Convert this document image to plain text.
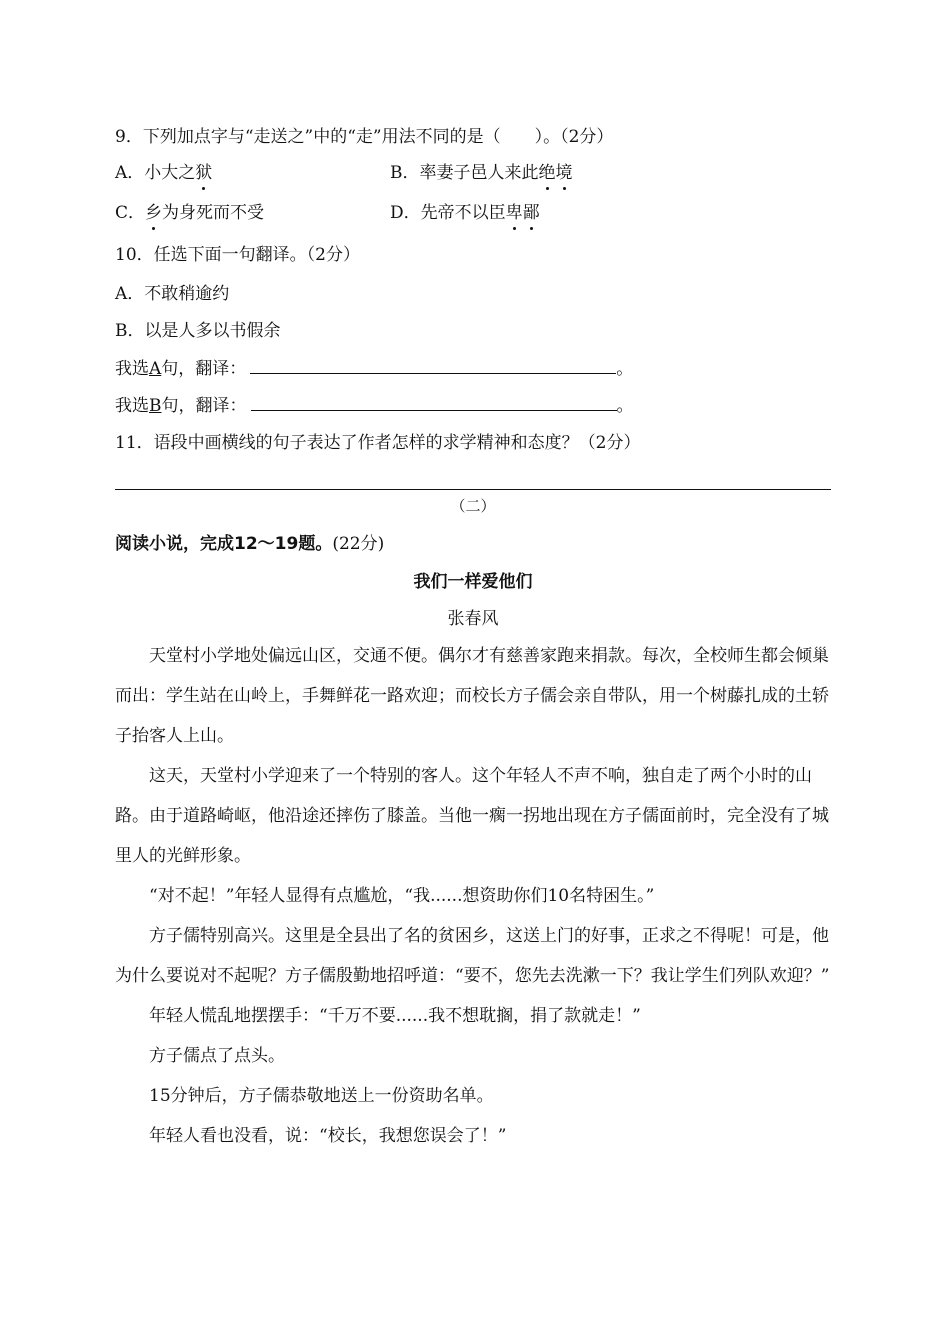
9．下列加点字与“走送之”中的“走”用法不同的是（　　）。（2分）
A．小大之狱	B．率妻子邑人来此绝境
C．乡为身死而不受	D．先帝不以臣卑鄙
10．任选下面一句翻译。（2分）
A．不敢稍逾约
B．以是人多以书假余
我选A句，翻译：	。
我选B句，翻译：	。
11．语段中画横线的句子表达了作者怎样的求学精神和态度？（2分）
（二）
阅读小说，完成12～19题。(22分)
我们一样爱他们
张春风

天堂村小学地处偏远山区，交通不便。偶尔才有慈善家跑来捐款。每次，全校师生都会倾巢而出：学生站在山岭上，手舞鲜花一路欢迎；而校长方子儒会亲自带队，用一个树藤扎成的土轿子抬客人上山。

这天，天堂村小学迎来了一个特别的客人。这个年轻人不声不响，独自走了两个小时的山路。由于道路崎岖，他沿途还摔伤了膝盖。当他一瘸一拐地出现在方子儒面前时，完全没有了城里人的光鲜形象。

“对不起！”年轻人显得有点尴尬，“我......想资助你们10名特困生。”

方子儒特别高兴。这里是全县出了名的贫困乡，这送上门的好事，正求之不得呢！可是，他为什么要说对不起呢？方子儒殷勤地招呼道：“要不，您先去洗漱一下？我让学生们列队欢迎？”

年轻人慌乱地摆摆手：“千万不要......我不想耽搁，捐了款就走！”

方子儒点了点头。

15分钟后，方子儒恭敬地送上一份资助名单。

年轻人看也没看，说：“校长，我想您误会了！”
